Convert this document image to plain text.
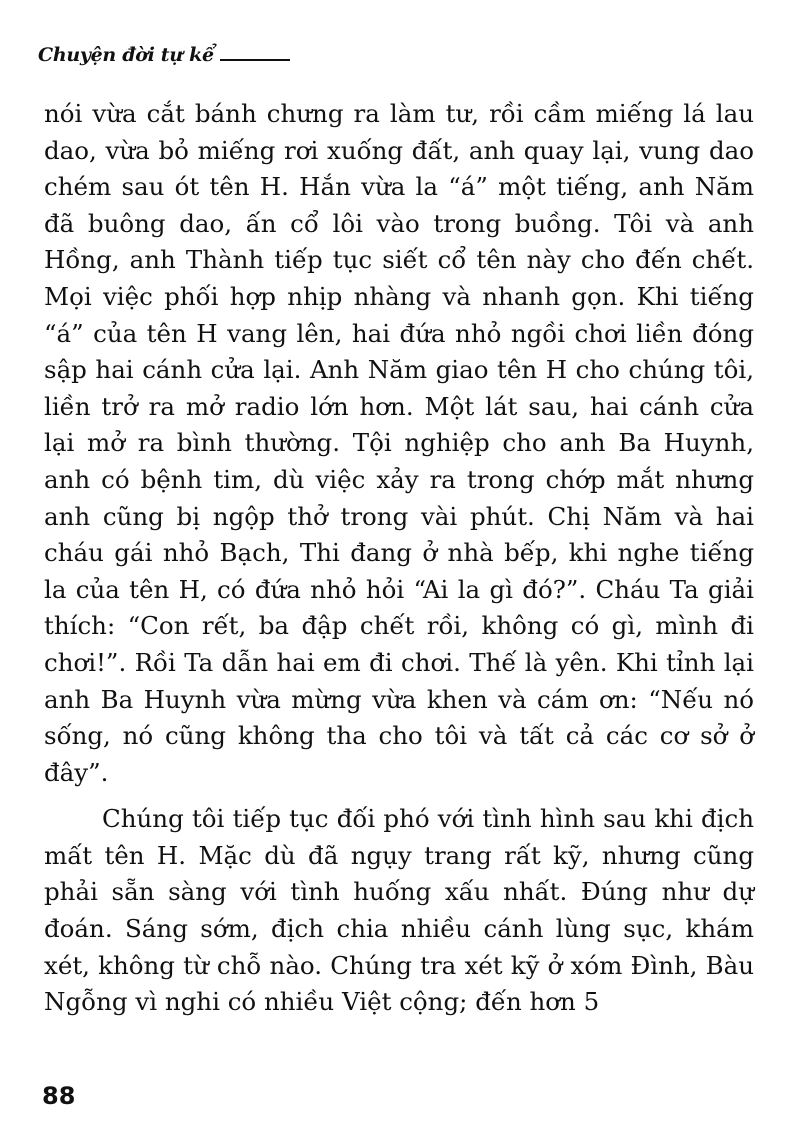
Chuyện đời tự kể

nói vừa cắt bánh chưng ra làm tư, rồi cầm miếng lá lau dao, vừa bỏ miếng rơi xuống đất, anh quay lại, vung dao chém sau ót tên H. Hắn vừa la “á” một tiếng, anh Năm đã buông dao, ấn cổ lôi vào trong buồng. Tôi và anh Hồng, anh Thành tiếp tục siết cổ tên này cho đến chết. Mọi việc phối hợp nhịp nhàng và nhanh gọn. Khi tiếng “á” của tên H vang lên, hai đứa nhỏ ngồi chơi liền đóng sập hai cánh cửa lại. Anh Năm giao tên H cho chúng tôi, liền trở ra mở radio lớn hơn. Một lát sau, hai cánh cửa lại mở ra bình thường. Tội nghiệp cho anh Ba Huynh, anh có bệnh tim, dù việc xảy ra trong chớp mắt nhưng anh cũng bị ngộp thở trong vài phút. Chị Năm và hai cháu gái nhỏ Bạch, Thi đang ở nhà bếp, khi nghe tiếng la của tên H, có đứa nhỏ hỏi “Ai la gì đó?”. Cháu Ta giải thích: “Con rết, ba đập chết rồi, không có gì, mình đi chơi!”. Rồi Ta dẫn hai em đi chơi. Thế là yên. Khi tỉnh lại anh Ba Huynh vừa mừng vừa khen và cám ơn: “Nếu nó sống, nó cũng không tha cho tôi và tất cả các cơ sở ở đây”.

Chúng tôi tiếp tục đối phó với tình hình sau khi địch mất tên H. Mặc dù đã ngụy trang rất kỹ, nhưng cũng phải sẵn sàng với tình huống xấu nhất. Đúng như dự đoán. Sáng sớm, địch chia nhiều cánh lùng sục, khám xét, không từ chỗ nào. Chúng tra xét kỹ ở xóm Đình, Bàu Ngỗng vì nghi có nhiều Việt cộng; đến hơn 5

88
